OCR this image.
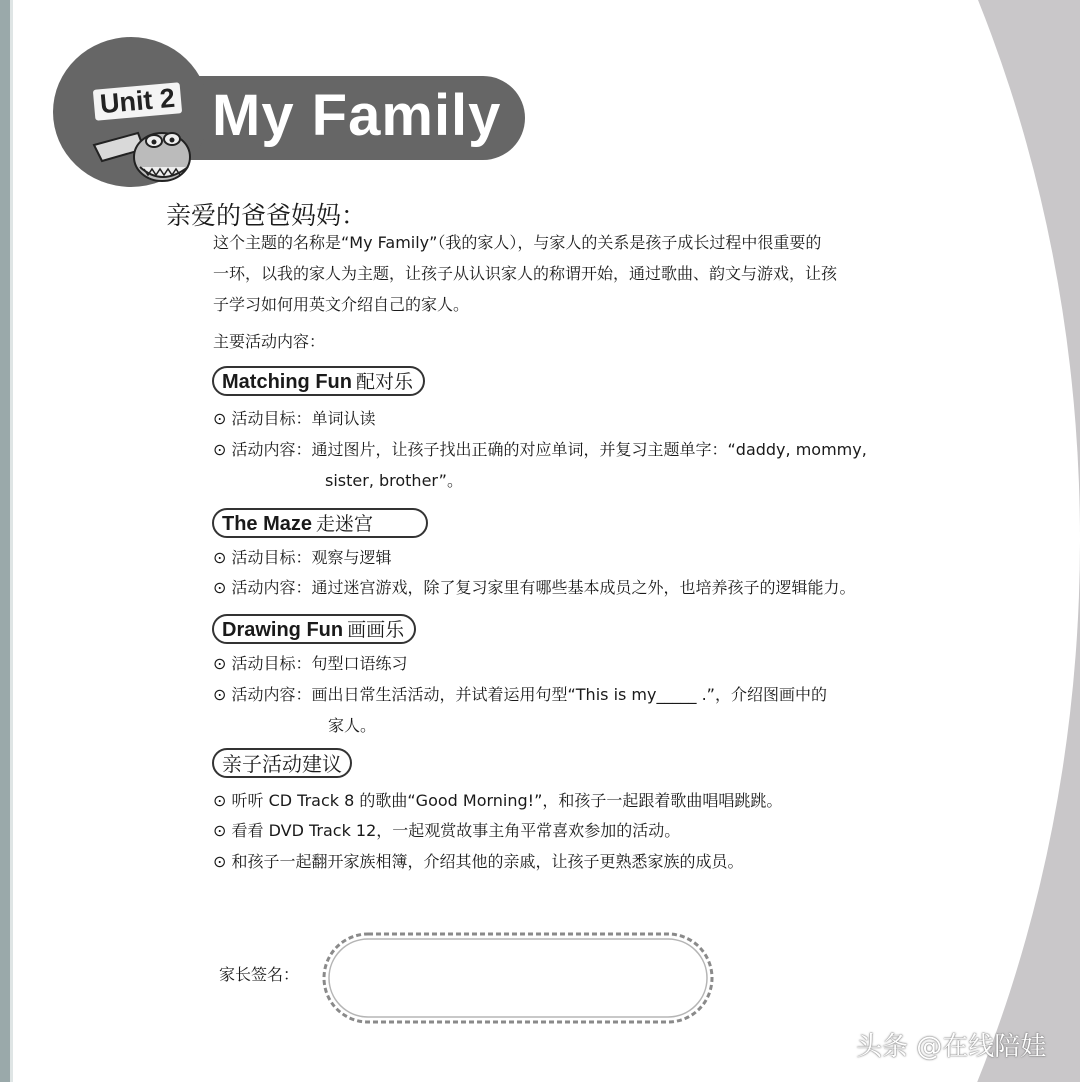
Unit 2 My Family
亲爱的爸爸妈妈：
这个主题的名称是“My Family”（我的家人），与家人的关系是孩子成长过程中很重要的
一环，以我的家人为主题，让孩子从认识家人的称谓开始，通过歌曲、韵文与游戏，让孩
子学习如何用英文介绍自己的家人。
主要活动内容：
Matching Fun 配对乐
⊙ 活动目标：单词认读
⊙ 活动内容：通过图片，让孩子找出正确的对应单词，并复习主题单字：“daddy, mommy,
sister, brother”。
The Maze 走迷宫
⊙ 活动目标：观察与逻辑
⊙ 活动内容：通过迷宫游戏，除了复习家里有哪些基本成员之外，也培养孩子的逻辑能力。
Drawing Fun 画画乐
⊙ 活动目标：句型口语练习
⊙ 活动内容：画出日常生活活动，并试着运用句型“This is my_____ .”，介绍图画中的
家人。
亲子活动建议
⊙ 听听 CD Track 8 的歌曲“Good Morning!”，和孩子一起跟着歌曲唱唱跳跳。
⊙ 看看 DVD Track 12，一起观赏故事主角平常喜欢参加的活动。
⊙ 和孩子一起翻开家族相簿，介绍其他的亲戚，让孩子更熟悉家族的成员。
家长签名：
头条 @在线陪娃
